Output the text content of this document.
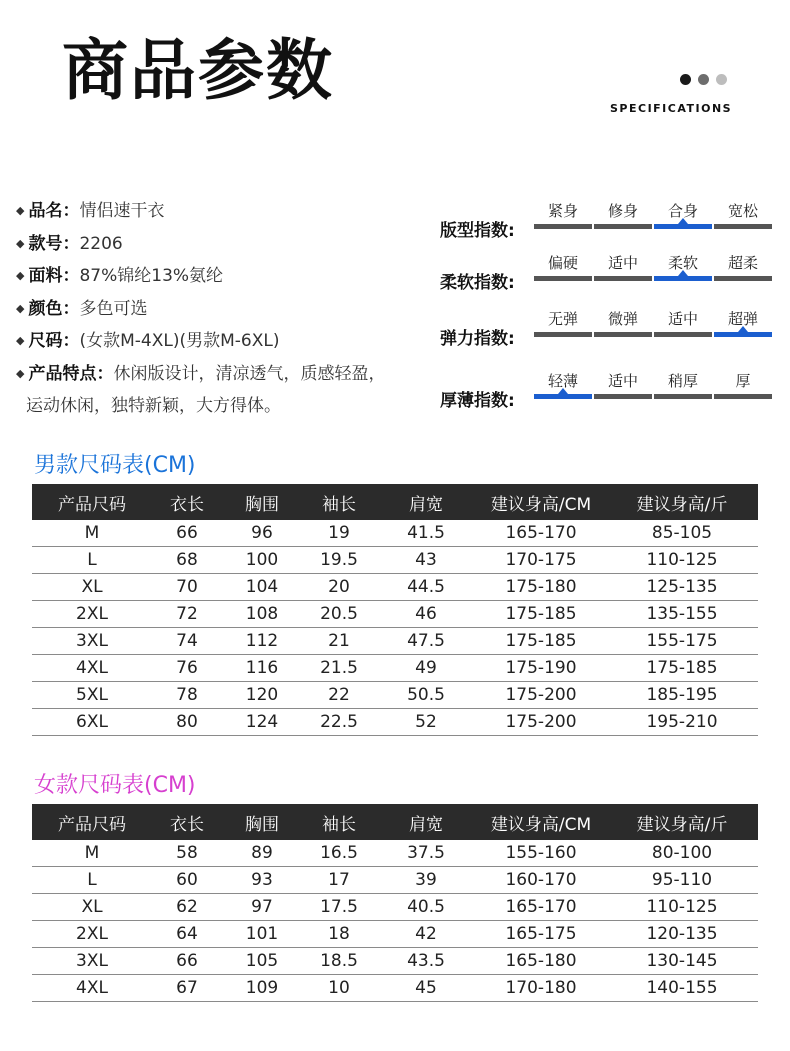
商品参数	SPECIFICATIONS
◆ 品名：情侣速干衣
◆ 款号：2206
◆ 面料：87%锦纶13%氨纶
◆ 颜色：多色可选
◆ 尺码：(女款M-4XL)(男款M-6XL)
◆ 产品特点：休闲版设计，清凉透气，质感轻盈，
运动休闲，独特新颖，大方得体。
版型指数:
紧身	修身	合身	宽松
柔软指数:
偏硬	适中	柔软	超柔
弹力指数:
无弹	微弹	适中	超弹
厚薄指数:
轻薄	适中	稍厚	厚
男款尺码表(CM)
产品尺码	衣长	胸围	袖长	肩宽	建议身高/CM	建议身高/斤
M	66	96	19	41.5	165-170	85-105
L	68	100	19.5	43	170-175	110-125
XL	70	104	20	44.5	175-180	125-135
2XL	72	108	20.5	46	175-185	135-155
3XL	74	112	21	47.5	175-185	155-175
4XL	76	116	21.5	49	175-190	175-185
5XL	78	120	22	50.5	175-200	185-195
6XL	80	124	22.5	52	175-200	195-210
女款尺码表(CM)
产品尺码	衣长	胸围	袖长	肩宽	建议身高/CM	建议身高/斤
M	58	89	16.5	37.5	155-160	80-100
L	60	93	17	39	160-170	95-110
XL	62	97	17.5	40.5	165-170	110-125
2XL	64	101	18	42	165-175	120-135
3XL	66	105	18.5	43.5	165-180	130-145
4XL	67	109	10	45	170-180	140-155
